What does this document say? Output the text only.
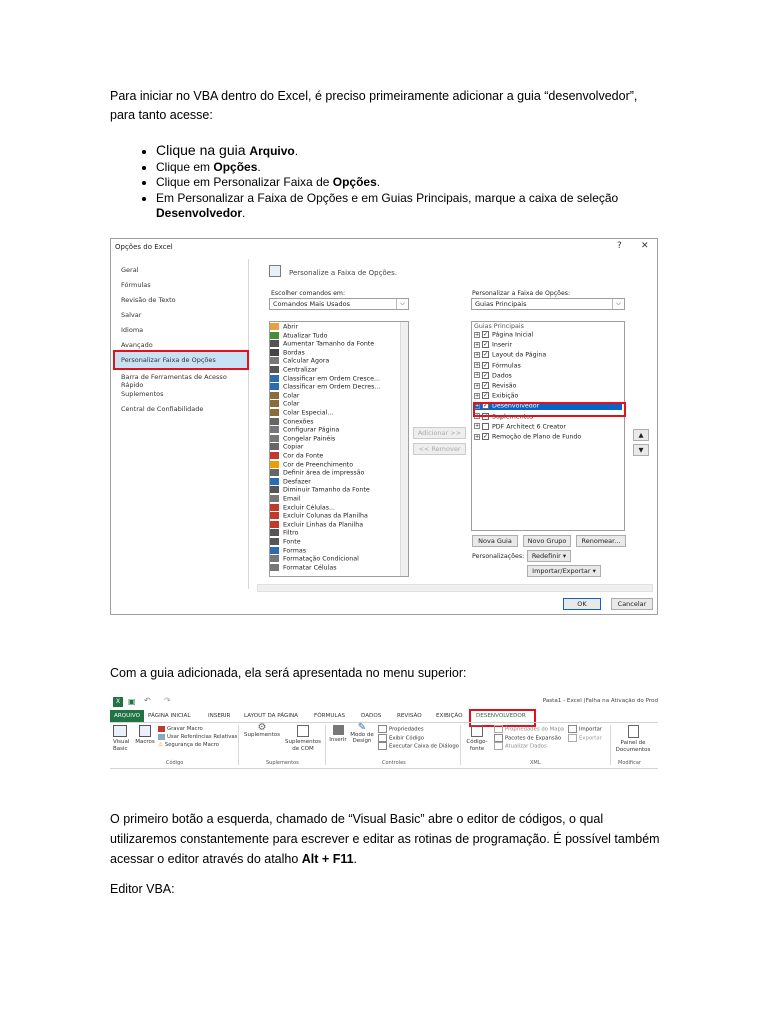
Para iniciar no VBA dentro do Excel, é preciso primeiramente adicionar a guia “desenvolvedor”,
para tanto acesse:
• Clique na guia Arquivo.
• Clique em Opções.
• Clique em Personalizar Faixa de Opções.
• Em Personalizar a Faixa de Opções e em Guias Principais, marque a caixa de seleção Desenvolvedor.
Opções do Excel	? ✕
Geral
Fórmulas
Revisão de Texto
Salvar
Idioma
Avançado
Personalizar Faixa de Opções
Barra de Ferramentas de Acesso Rápido
Suplementos
Central de Confiabilidade
Personalize a Faixa de Opções.
Escolher comandos em:
Comandos Mais Usados	⌵
Personalizar a Faixa de Opções:
Guias Principais	⌵
Abrir
Atualizar Tudo
Aumentar Tamanho da Fonte
Bordas
Calcular Agora
Centralizar
Classificar em Ordem Cresce...
Classificar em Ordem Decres...
Colar
Colar
Colar Especial...
Conexões
Configurar Página
Congelar Painéis
Copiar
Cor da Fonte
Cor de Preenchimento
Definir área de impressão
Desfazer
Diminuir Tamanho da Fonte
Email
Excluir Células...
Excluir Colunas da Planilha
Excluir Linhas da Planilha
Filtro
Fonte
Formas
Formatação Condicional
Formatar Células
Adicionar >>
<< Remover
Guias Principais
+ ✓ Página Inicial
+ ✓ Inserir
+ ✓ Layout da Página
+ ✓ Fórmulas
+ ✓ Dados
+ ✓ Revisão
+ ✓ Exibição
+ ✓ Desenvolvedor
+ ✓ Suplementos
+ PDF Architect 6 Creator
+ ✓ Remoção de Plano de Fundo	▲
▼
Nova Guia	Novo Grupo	Renomear...
Personalizações:	Redefinir ▾
Importar/Exportar ▾
OK	Cancelar
Com a guia adicionada, ela será apresentada no menu superior:
X ▣ ↶ ↷	Pasta1 - Excel (Falha na Ativação do Prod
ARQUIVO	PÁGINA INICIAL	INSERIR LAYOUT DA PÁGINA	FÓRMULAS	DADOS	REVISÃO	EXIBIÇÃO DESENVOLVEDOR
Visual
Basic
Macros
Gravar Macro
Usar Referências Relativas
⚠ Segurança de Macro
Código
⚙
Suplementos
Suplementos
de COM
Suplementos
Inserir
✎
Modo de
Design
Propriedades
Exibir Código
Executar Caixa de Diálogo
Controles
Código-
fonte
Propriedades do Mapa
Pacotes de Expansão
Atualizar Dados
Importar
Exportar
XML
Painel de
Documentos
Modificar
O primeiro botão a esquerda, chamado de “Visual Basic” abre o editor de códigos, o qual
utilizaremos constantemente para escrever e editar as rotinas de programação. É possível também
acessar o editor através do atalho Alt + F11.
Editor VBA:
